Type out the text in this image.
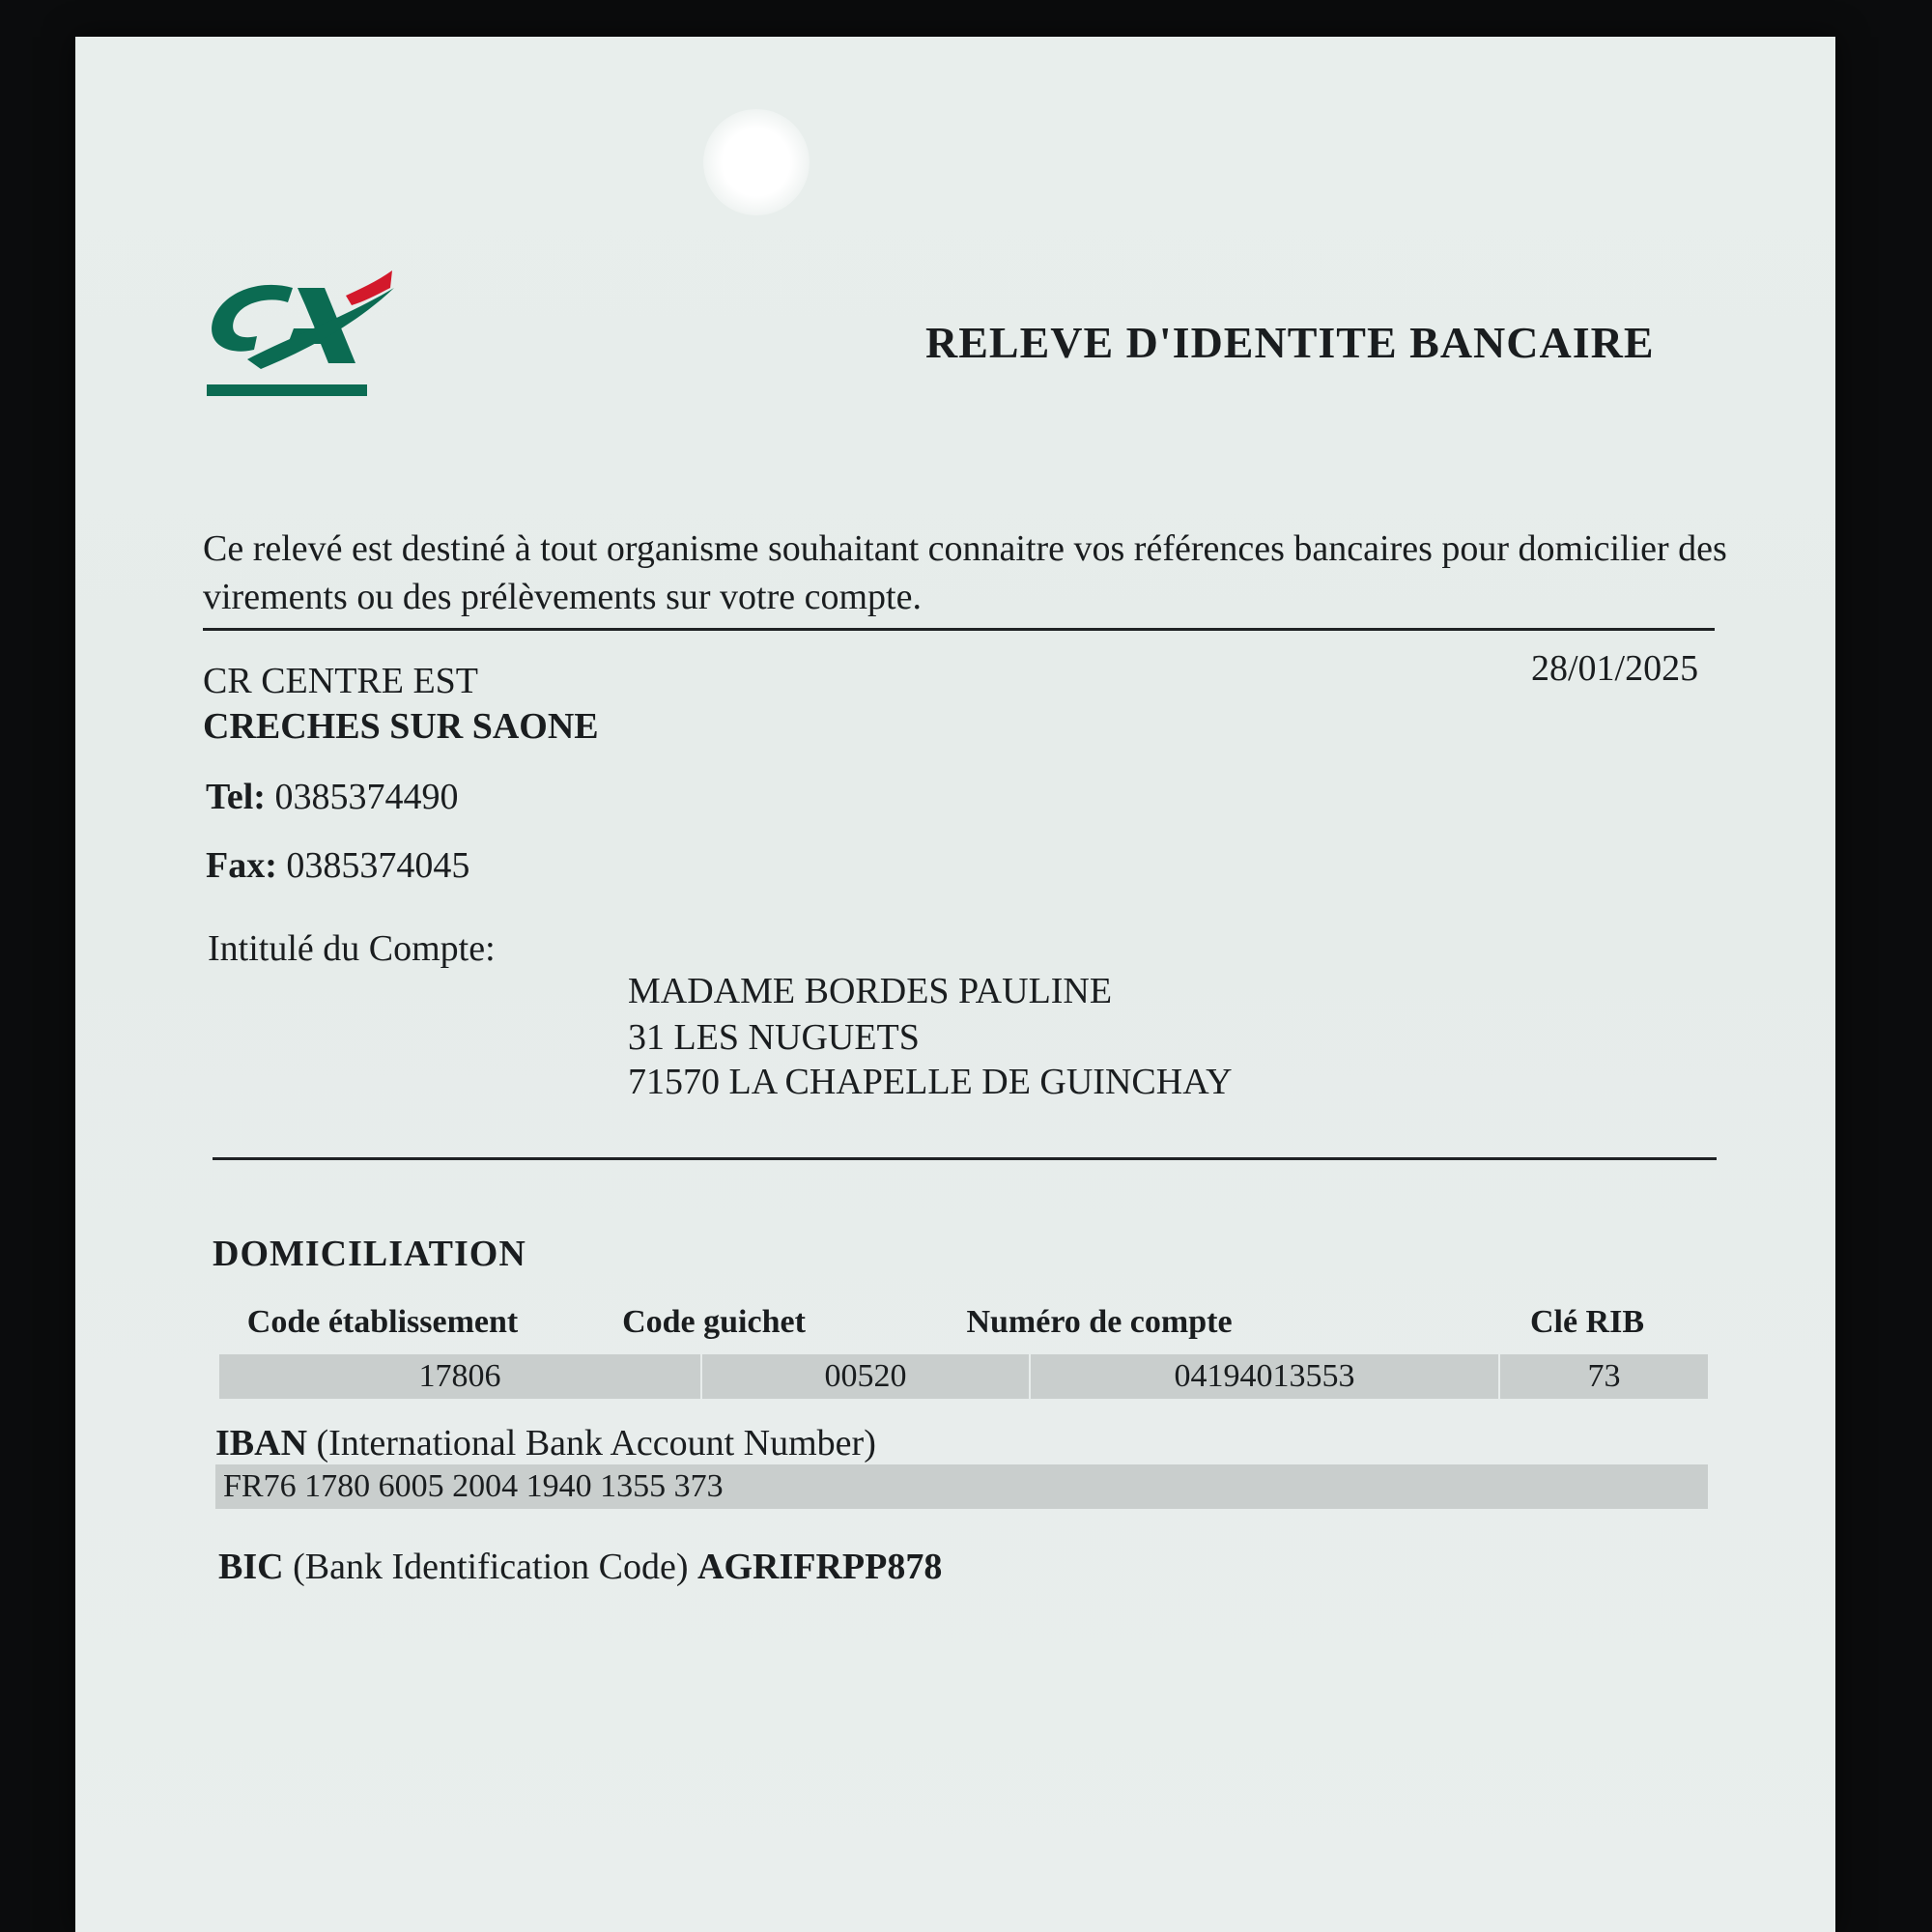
RELEVE D'IDENTITE BANCAIRE
Ce relevé est destiné à tout organisme souhaitant connaitre vos références bancaires pour domicilier des virements ou des prélèvements sur votre compte.
CR CENTRE EST	28/01/2025
CRECHES SUR SAONE
Tel: 0385374490
Fax: 0385374045
Intitulé du Compte:
MADAME BORDES PAULINE
31 LES NUGUETS
71570 LA CHAPELLE DE GUINCHAY
DOMICILIATION
Code établissement	Code guichet	Numéro de compte	Clé RIB
17806	00520	04194013553	73
IBAN (International Bank Account Number)
FR76 1780 6005 2004 1940 1355 373
BIC (Bank Identification Code) AGRIFRPP878
